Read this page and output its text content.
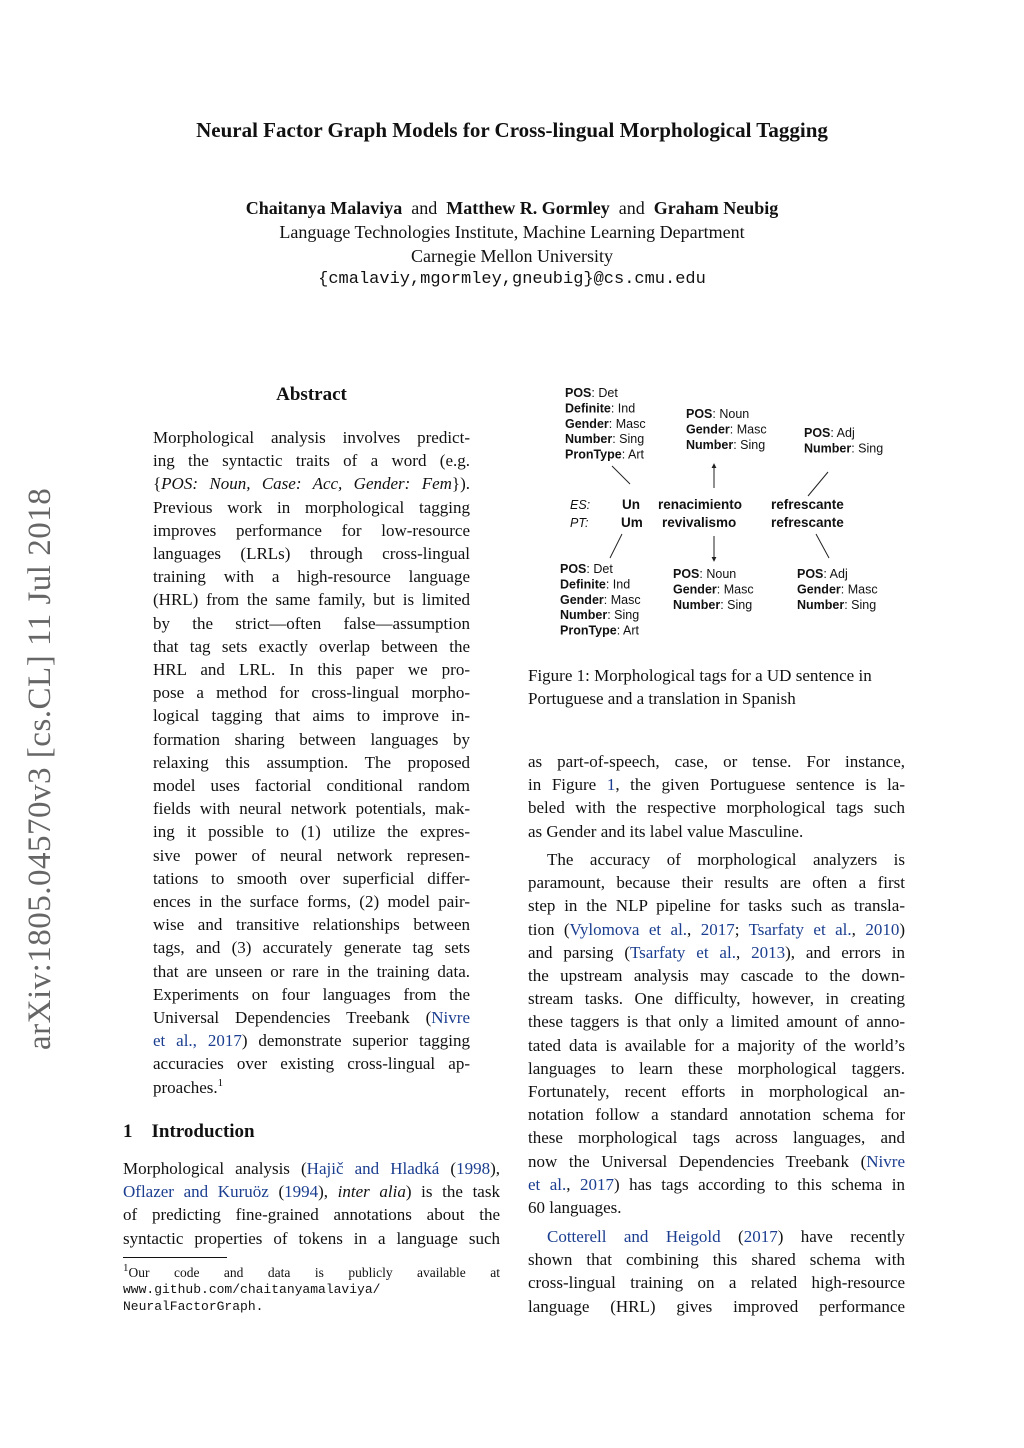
Neural Factor Graph Models for Cross-lingual Morphological Tagging
Chaitanya Malaviya and Matthew R. Gormley and Graham Neubig
Language Technologies Institute, Machine Learning Department
Carnegie Mellon University
{cmalaviy,mgormley,gneubig}@cs.cmu.edu
arXiv:1805.04570v3 [cs.CL] 11 Jul 2018
Abstract
Morphological analysis involves predict-
ing the syntactic traits of a word (e.g.
{POS: Noun, Case: Acc, Gender: Fem}).
Previous work in morphological tagging
improves performance for low-resource
languages (LRLs) through cross-lingual
training with a high-resource language
(HRL) from the same family, but is limited
by the strict—often false—assumption
that tag sets exactly overlap between the
HRL and LRL. In this paper we pro-
pose a method for cross-lingual morpho-
logical tagging that aims to improve in-
formation sharing between languages by
relaxing this assumption. The proposed
model uses factorial conditional random
fields with neural network potentials, mak-
ing it possible to (1) utilize the expres-
sive power of neural network represen-
tations to smooth over superficial differ-
ences in the surface forms, (2) model pair-
wise and transitive relationships between
tags, and (3) accurately generate tag sets
that are unseen or rare in the training data.
Experiments on four languages from the
Universal Dependencies Treebank (Nivre
et al., 2017) demonstrate superior tagging
accuracies over existing cross-lingual ap-
proaches.$^1$
1 Introduction
Morphological analysis (Hajič and Hladká (1998),
Oflazer and Kuruöz (1994), inter alia) is the task
of predicting fine-grained annotations about the
syntactic properties of tokens in a language such
$^1$Our code and data is publicly available at
www.github.com/chaitanyamalaviya/
NeuralFactorGraph.
POS: Det
Definite: Ind
Gender: Masc
Number: Sing
PronType: Art
POS: Noun
Gender: Masc
Number: Sing
POS: Adj
Number: Sing
ES:
PT:
Un renacimiento refrescante
Um revivalismo	refrescante
POS: Det
Definite: Ind
Gender: Masc
Number: Sing
PronType: Art
POS: Noun
Gender: Masc
Number: Sing
POS: Adj
Gender: Masc
Number: Sing
Figure 1: Morphological tags for a UD sentence in Portuguese and a translation in Spanish
as part-of-speech, case, or tense. For instance,
in Figure 1, the given Portuguese sentence is la-
beled with the respective morphological tags such
as Gender and its label value Masculine.
The accuracy of morphological analyzers is
paramount, because their results are often a first
step in the NLP pipeline for tasks such as transla-
tion (Vylomova et al., 2017; Tsarfaty et al., 2010)
and parsing (Tsarfaty et al., 2013), and errors in
the upstream analysis may cascade to the down-
stream tasks. One difficulty, however, in creating
these taggers is that only a limited amount of anno-
tated data is available for a majority of the world’s
languages to learn these morphological taggers.
Fortunately, recent efforts in morphological an-
notation follow a standard annotation schema for
these morphological tags across languages, and
now the Universal Dependencies Treebank (Nivre
et al., 2017) has tags according to this schema in
60 languages.
Cotterell and Heigold (2017) have recently
shown that combining this shared schema with
cross-lingual training on a related high-resource
language (HRL) gives improved performance
